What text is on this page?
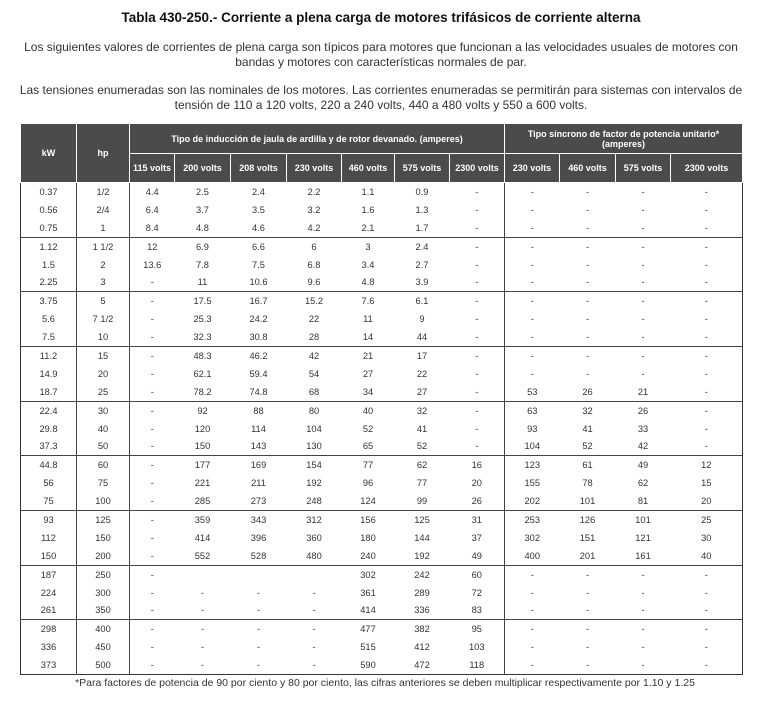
Tabla 430-250.- Corriente a plena carga de motores trifásicos de corriente alterna
Los siguientes valores de corrientes de plena carga son típicos para motores que funcionan a las velocidades usuales de motores con bandas y motores con características normales de par.
Las tensiones enumeradas son las nominales de los motores. Las corrientes enumeradas se permitirán para sistemas con intervalos de tensión de 110 a 120 volts, 220 a 240 volts, 440 a 480 volts y 550 a 600 volts.
kW	hp	Tipo de inducción de jaula de ardilla y de rotor devanado. (amperes)							Tipo síncrono de factor de potencia unitario* (amperes)			
		115 volts	200 volts	208 volts	230 volts	460 volts	575 volts	2300 volts	230 volts	460 volts	575 volts	2300 volts
0.37	1/2	4.4	2.5	2.4	2.2	1.1	0.9	-	-	-	-	-
0.56	2/4	6.4	3.7	3.5	3.2	1.6	1.3	-	-	-	-	-
0.75	1	8.4	4.8	4.6	4.2	2.1	1.7	-	-	-	-	-
1.12	1 1/2	12	6.9	6.6	6	3	2.4	-	-	-	-	-
1.5	2	13.6	7.8	7.5	6.8	3.4	2.7	-	-	-	-	-
2.25	3	-	11	10.6	9.6	4.8	3.9	-	-	-	-	-
3.75	5	-	17.5	16.7	15.2	7.6	6.1	-	-	-	-	-
5.6	7 1/2	-	25.3	24.2	22	11	9	-	-	-	-	-
7.5	10	-	32.3	30.8	28	14	44	-	-	-	-	-
11.2	15	-	48.3	46.2	42	21	17	-	-	-	-	-
14.9	20	-	62.1	59.4	54	27	22	-	-	-	-	-
18.7	25	-	78.2	74.8	68	34	27	-	53	26	21	-
22.4	30	-	92	88	80	40	32	-	63	32	26	-
29.8	40	-	120	114	104	52	41	-	93	41	33	-
37.3	50	-	150	143	130	65	52	-	104	52	42	-
44.8	60	-	177	169	154	77	62	16	123	61	49	12
56	75	-	221	211	192	96	77	20	155	78	62	15
75	100	-	285	273	248	124	99	26	202	101	81	20
93	125	-	359	343	312	156	125	31	253	126	101	25
112	150	-	414	396	360	180	144	37	302	151	121	30
150	200	-	552	528	480	240	192	49	400	201	161	40
187	250	-				302	242	60	-	-	-	-
224	300	-	-	-	-	361	289	72	-	-	-	-
261	350	-	-	-	-	414	336	83	-	-	-	-
298	400	-	-	-	-	477	382	95	-	-	-	-
336	450	-	-	-	-	515	412	103	-	-	-	-
373	500	-	-	-	-	590	472	118	-	-	-	-
*Para factores de potencia de 90 por ciento y 80 por ciento, las cifras anteriores se deben multiplicar respectivamente por 1.10 y 1.25
